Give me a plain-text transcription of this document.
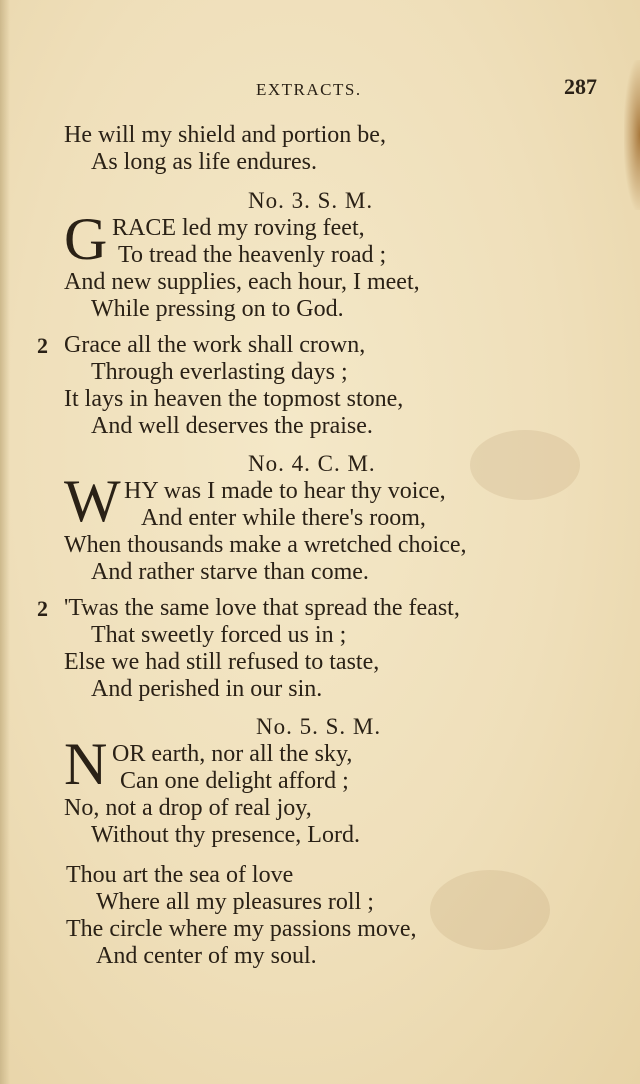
EXTRACTS.	287
He will my shield and portion be,
As long as life endures.
No. 3. S. M.
G RACE led my roving feet,
To tread the heavenly road ;
And new supplies, each hour, I meet,
While pressing on to God.
2 Grace all the work shall crown,
Through everlasting days ;
It lays in heaven the topmost stone,
And well deserves the praise.
No. 4. C. M.
W HY was I made to hear thy voice,
And enter while there's room,
When thousands make a wretched choice,
And rather starve than come.
2 'Twas the same love that spread the feast,
That sweetly forced us in ;
Else we had still refused to taste,
And perished in our sin.
No. 5. S. M.
N OR earth, nor all the sky,
Can one delight afford ;
No, not a drop of real joy,
Without thy presence, Lord.
Thou art the sea of love
Where all my pleasures roll ;
The circle where my passions move,
And center of my soul.
